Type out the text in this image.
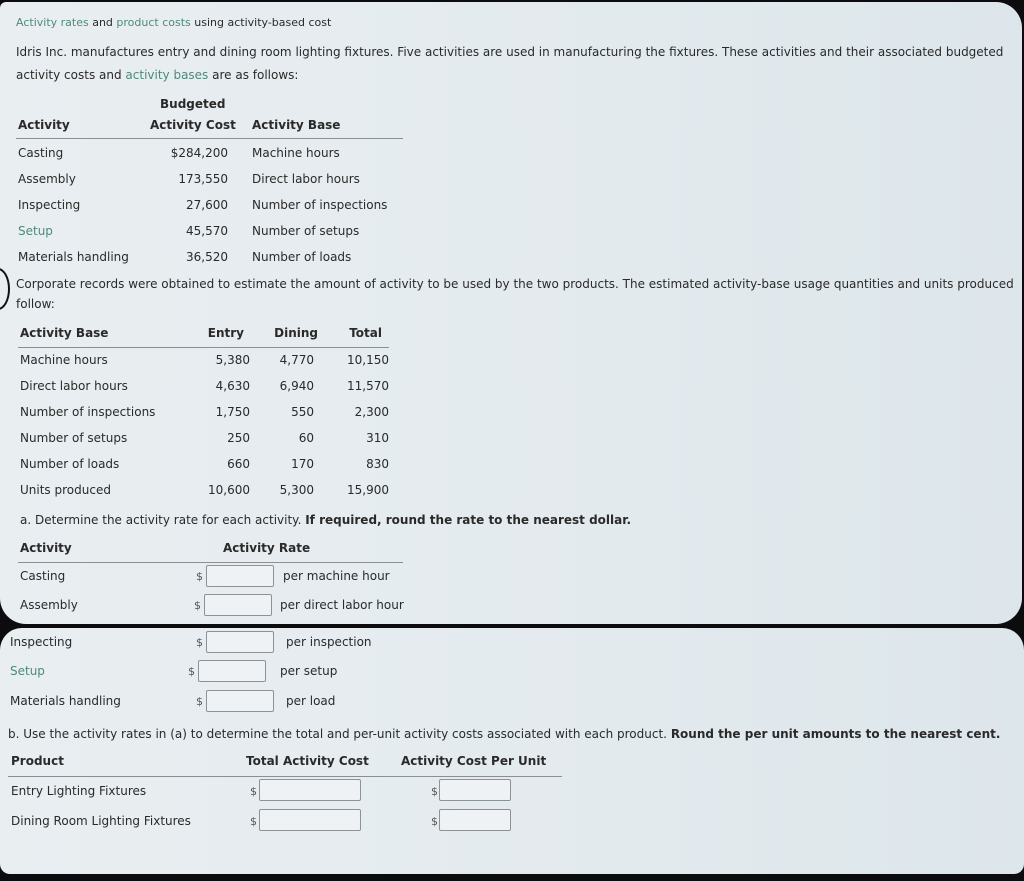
Activity rates and product costs using activity-based cost
Idris Inc. manufactures entry and dining room lighting fixtures. Five activities are used in manufacturing the fixtures. These activities and their associated budgeted
activity costs and activity bases are as follows:
Budgeted
Activity	Activity Cost Activity Base
Casting	$284,200 Machine hours
Assembly	173,550 Direct labor hours
Inspecting	27,600 Number of inspections
Setup	45,570 Number of setups
Materials handling	36,520 Number of loads
Corporate records were obtained to estimate the amount of activity to be used by the two products. The estimated activity-base usage quantities and units produced
follow:
Activity Base	Entry	Dining	Total
Machine hours	5,380	4,770	10,150
Direct labor hours	4,630	6,940	11,570
Number of inspections	1,750	550	2,300
Number of setups	250	60	310
Number of loads	660	170	830
Units produced	10,600	5,300	15,900
a. Determine the activity rate for each activity. If required, round the rate to the nearest dollar.
Activity	Activity Rate
Casting	$	per machine hour
Assembly	$	per direct labor hour
Inspecting	$	per inspection
Setup	$	per setup
Materials handling	$	per load
b. Use the activity rates in (a) to determine the total and per-unit activity costs associated with each product. Round the per unit amounts to the nearest cent.
Product	Total Activity Cost	Activity Cost Per Unit
Entry Lighting Fixtures	$	$
Dining Room Lighting Fixtures	$	$
